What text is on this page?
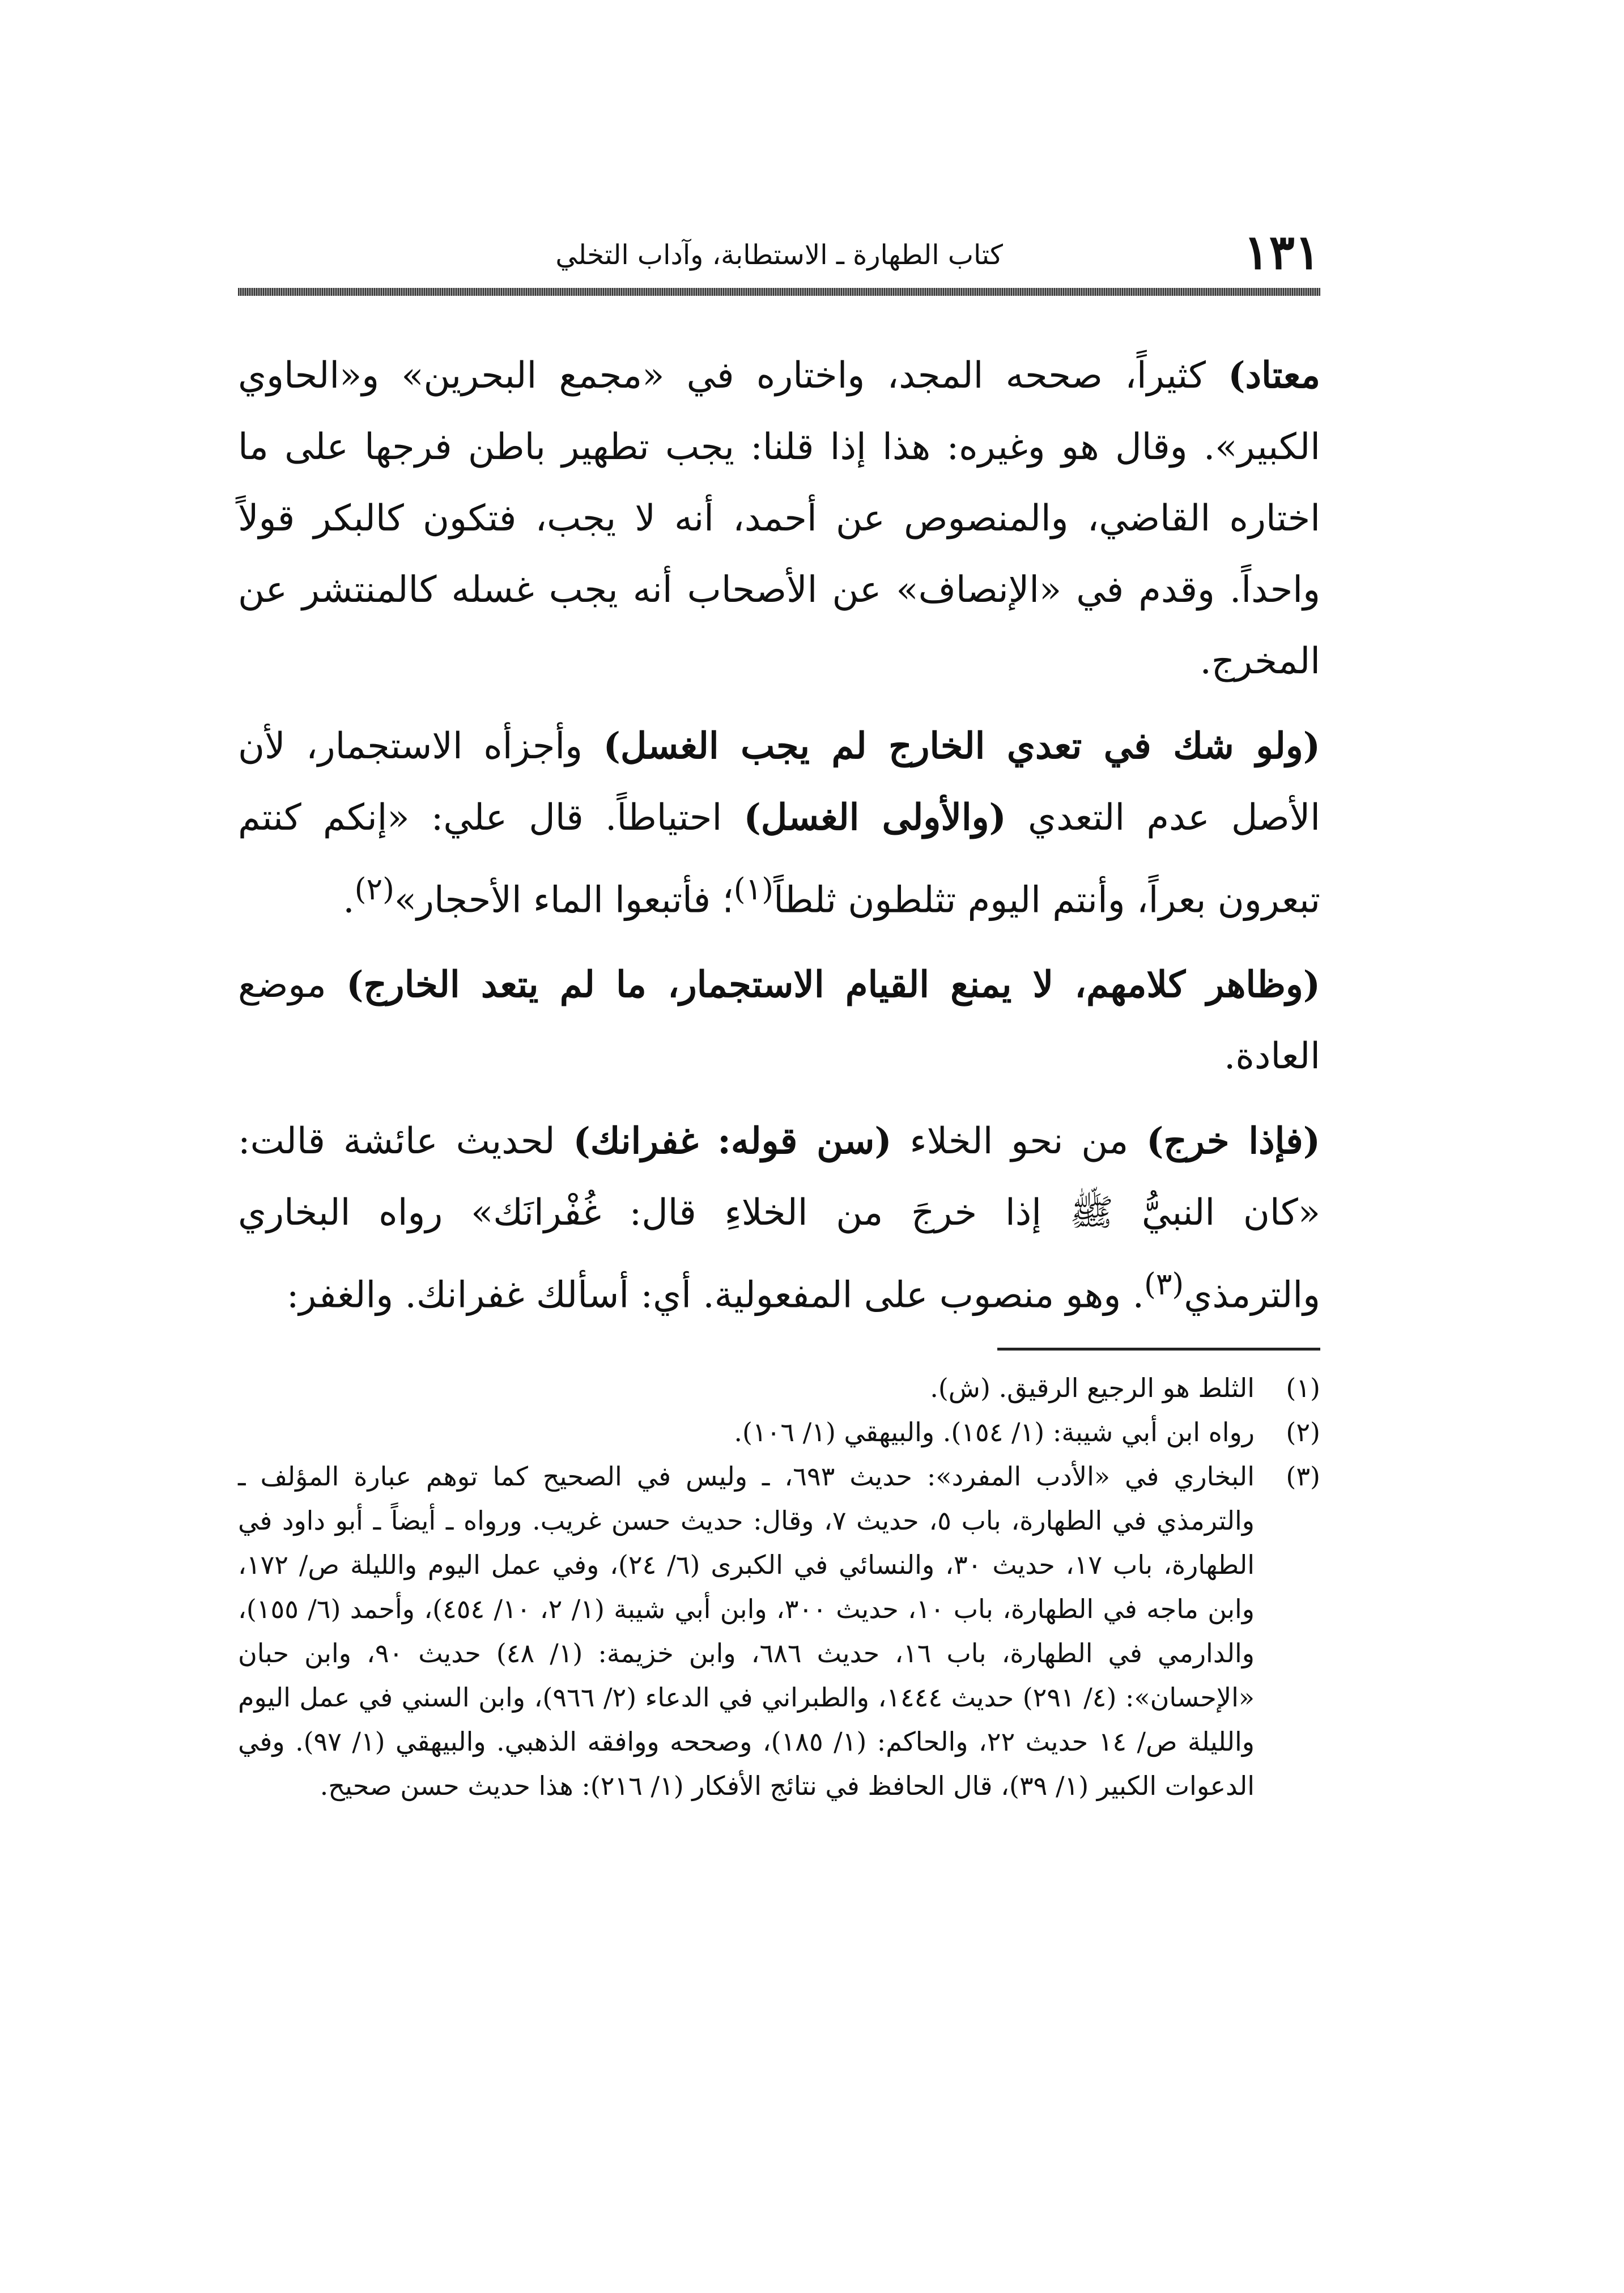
١٣١
كتاب الطهارة ـ الاستطابة، وآداب التخلي

معتاد) كثيراً، صححه المجد، واختاره في «مجمع البحرين» و«الحاوي الكبير». وقال هو وغيره: هذا إذا قلنا: يجب تطهير باطن فرجها على ما اختاره القاضي، والمنصوص عن أحمد، أنه لا يجب، فتكون كالبكر قولاً واحداً. وقدم في «الإنصاف» عن الأصحاب أنه يجب غسله كالمنتشر عن المخرج.

(ولو شك في تعدي الخارج لم يجب الغسل) وأجزأه الاستجمار، لأن الأصل عدم التعدي (والأولى الغسل) احتياطاً. قال علي: «إنكم كنتم تبعرون بعراً، وأنتم اليوم تثلطون ثلطاً$^{(١)}$؛ فأتبعوا الماء الأحجار»$^{(٢)}$.

(وظاهر كلامهم، لا يمنع القيام الاستجمار، ما لم يتعد الخارج) موضع العادة.

(فإذا خرج) من نحو الخلاء (سن قوله: غفرانك) لحديث عائشة قالت: «كان النبيُّ ﷺ إذا خرجَ من الخلاءِ قال: غُفْرانَك» رواه البخاري والترمذي$^{(٣)}$. وهو منصوب على المفعولية. أي: أسألك غفرانك. والغفر:

(١)
الثلط هو الرجيع الرقيق. (ش).
(٢)
رواه ابن أبي شيبة: (١/ ١٥٤). والبيهقي (١/ ١٠٦).
(٣)
البخاري في «الأدب المفرد»: حديث ٦٩٣، ـ وليس في الصحيح كما توهم عبارة المؤلف ـ والترمذي في الطهارة، باب ٥، حديث ٧، وقال: حديث حسن غريب. ورواه ـ أيضاً ـ أبو داود في الطهارة، باب ١٧، حديث ٣٠، والنسائي في الكبرى (٦/ ٢٤)، وفي عمل اليوم والليلة ص/ ١٧٢، وابن ماجه في الطهارة، باب ١٠، حديث ٣٠٠، وابن أبي شيبة (١/ ٢، ١٠/ ٤٥٤)، وأحمد (٦/ ١٥٥)، والدارمي في الطهارة، باب ١٦، حديث ٦٨٦، وابن خزيمة: (١/ ٤٨) حديث ٩٠، وابن حبان «الإحسان»: (٤/ ٢٩١) حديث ١٤٤٤، والطبراني في الدعاء (٢/ ٩٦٦)، وابن السني في عمل اليوم والليلة ص/ ١٤ حديث ٢٢، والحاكم: (١/ ١٨٥)، وصححه ووافقه الذهبي. والبيهقي (١/ ٩٧). وفي الدعوات الكبير (١/ ٣٩)، قال الحافظ في نتائج الأفكار (١/ ٢١٦): هذا حديث حسن صحيح.
